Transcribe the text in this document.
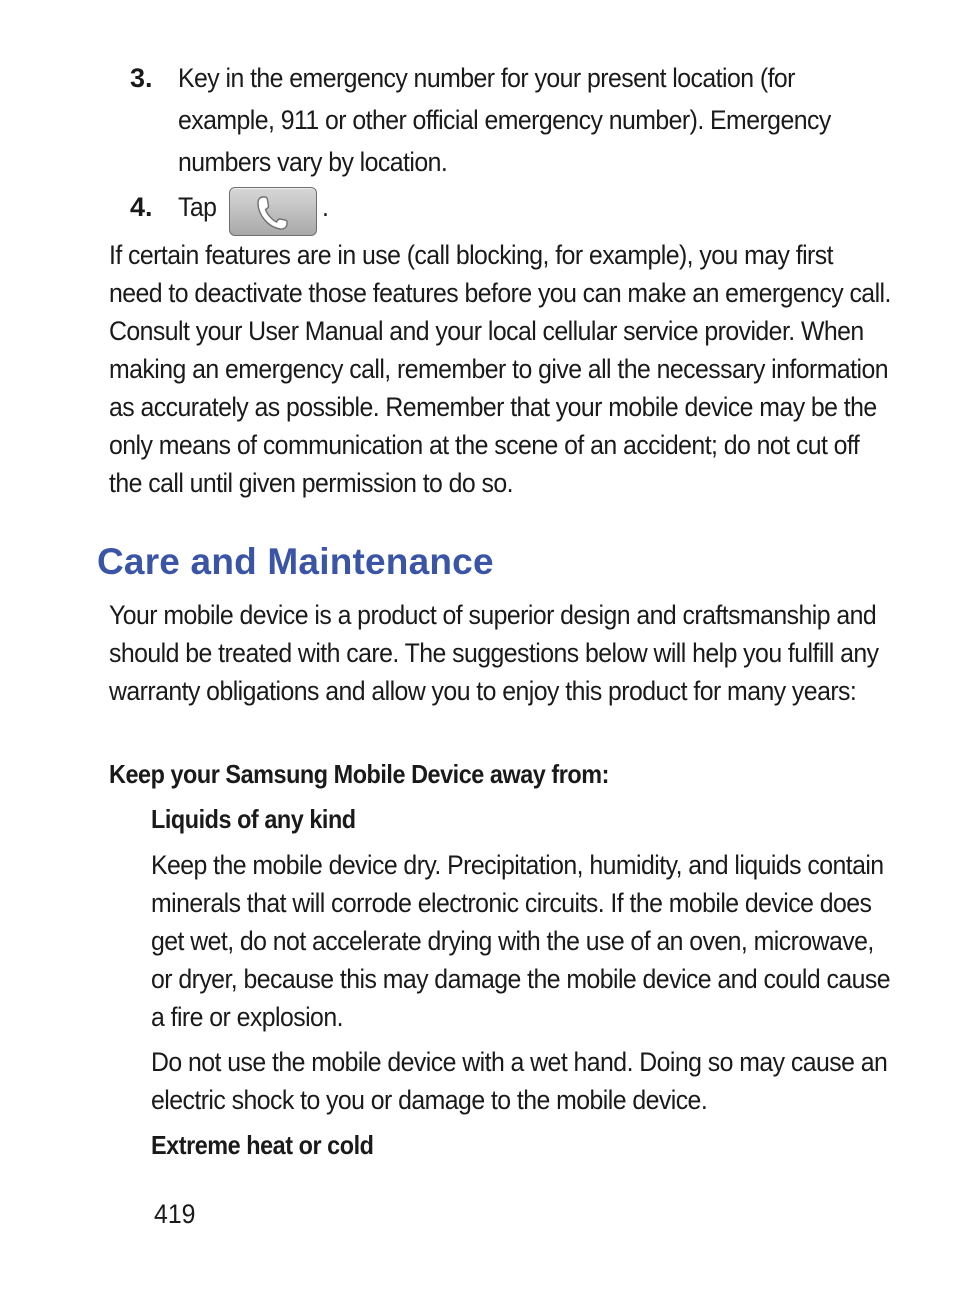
3. Key in the emergency number for your present location (for example, 911 or other official emergency number). Emergency numbers vary by location.
4. Tap	.
If certain features are in use (call blocking, for example), you may first need to deactivate those features before you can make an emergency call. Consult your User Manual and your local cellular service provider. When making an emergency call, remember to give all the necessary information as accurately as possible. Remember that your mobile device may be the only means of communication at the scene of an accident; do not cut off the call until given permission to do so.
Care and Maintenance
Your mobile device is a product of superior design and craftsmanship and should be treated with care. The suggestions below will help you fulfill any warranty obligations and allow you to enjoy this product for many years:
Keep your Samsung Mobile Device away from:
Liquids of any kind
Keep the mobile device dry. Precipitation, humidity, and liquids contain minerals that will corrode electronic circuits. If the mobile device does get wet, do not accelerate drying with the use of an oven, microwave, or dryer, because this may damage the mobile device and could cause a fire or explosion.
Do not use the mobile device with a wet hand. Doing so may cause an electric shock to you or damage to the mobile device.
Extreme heat or cold
419
